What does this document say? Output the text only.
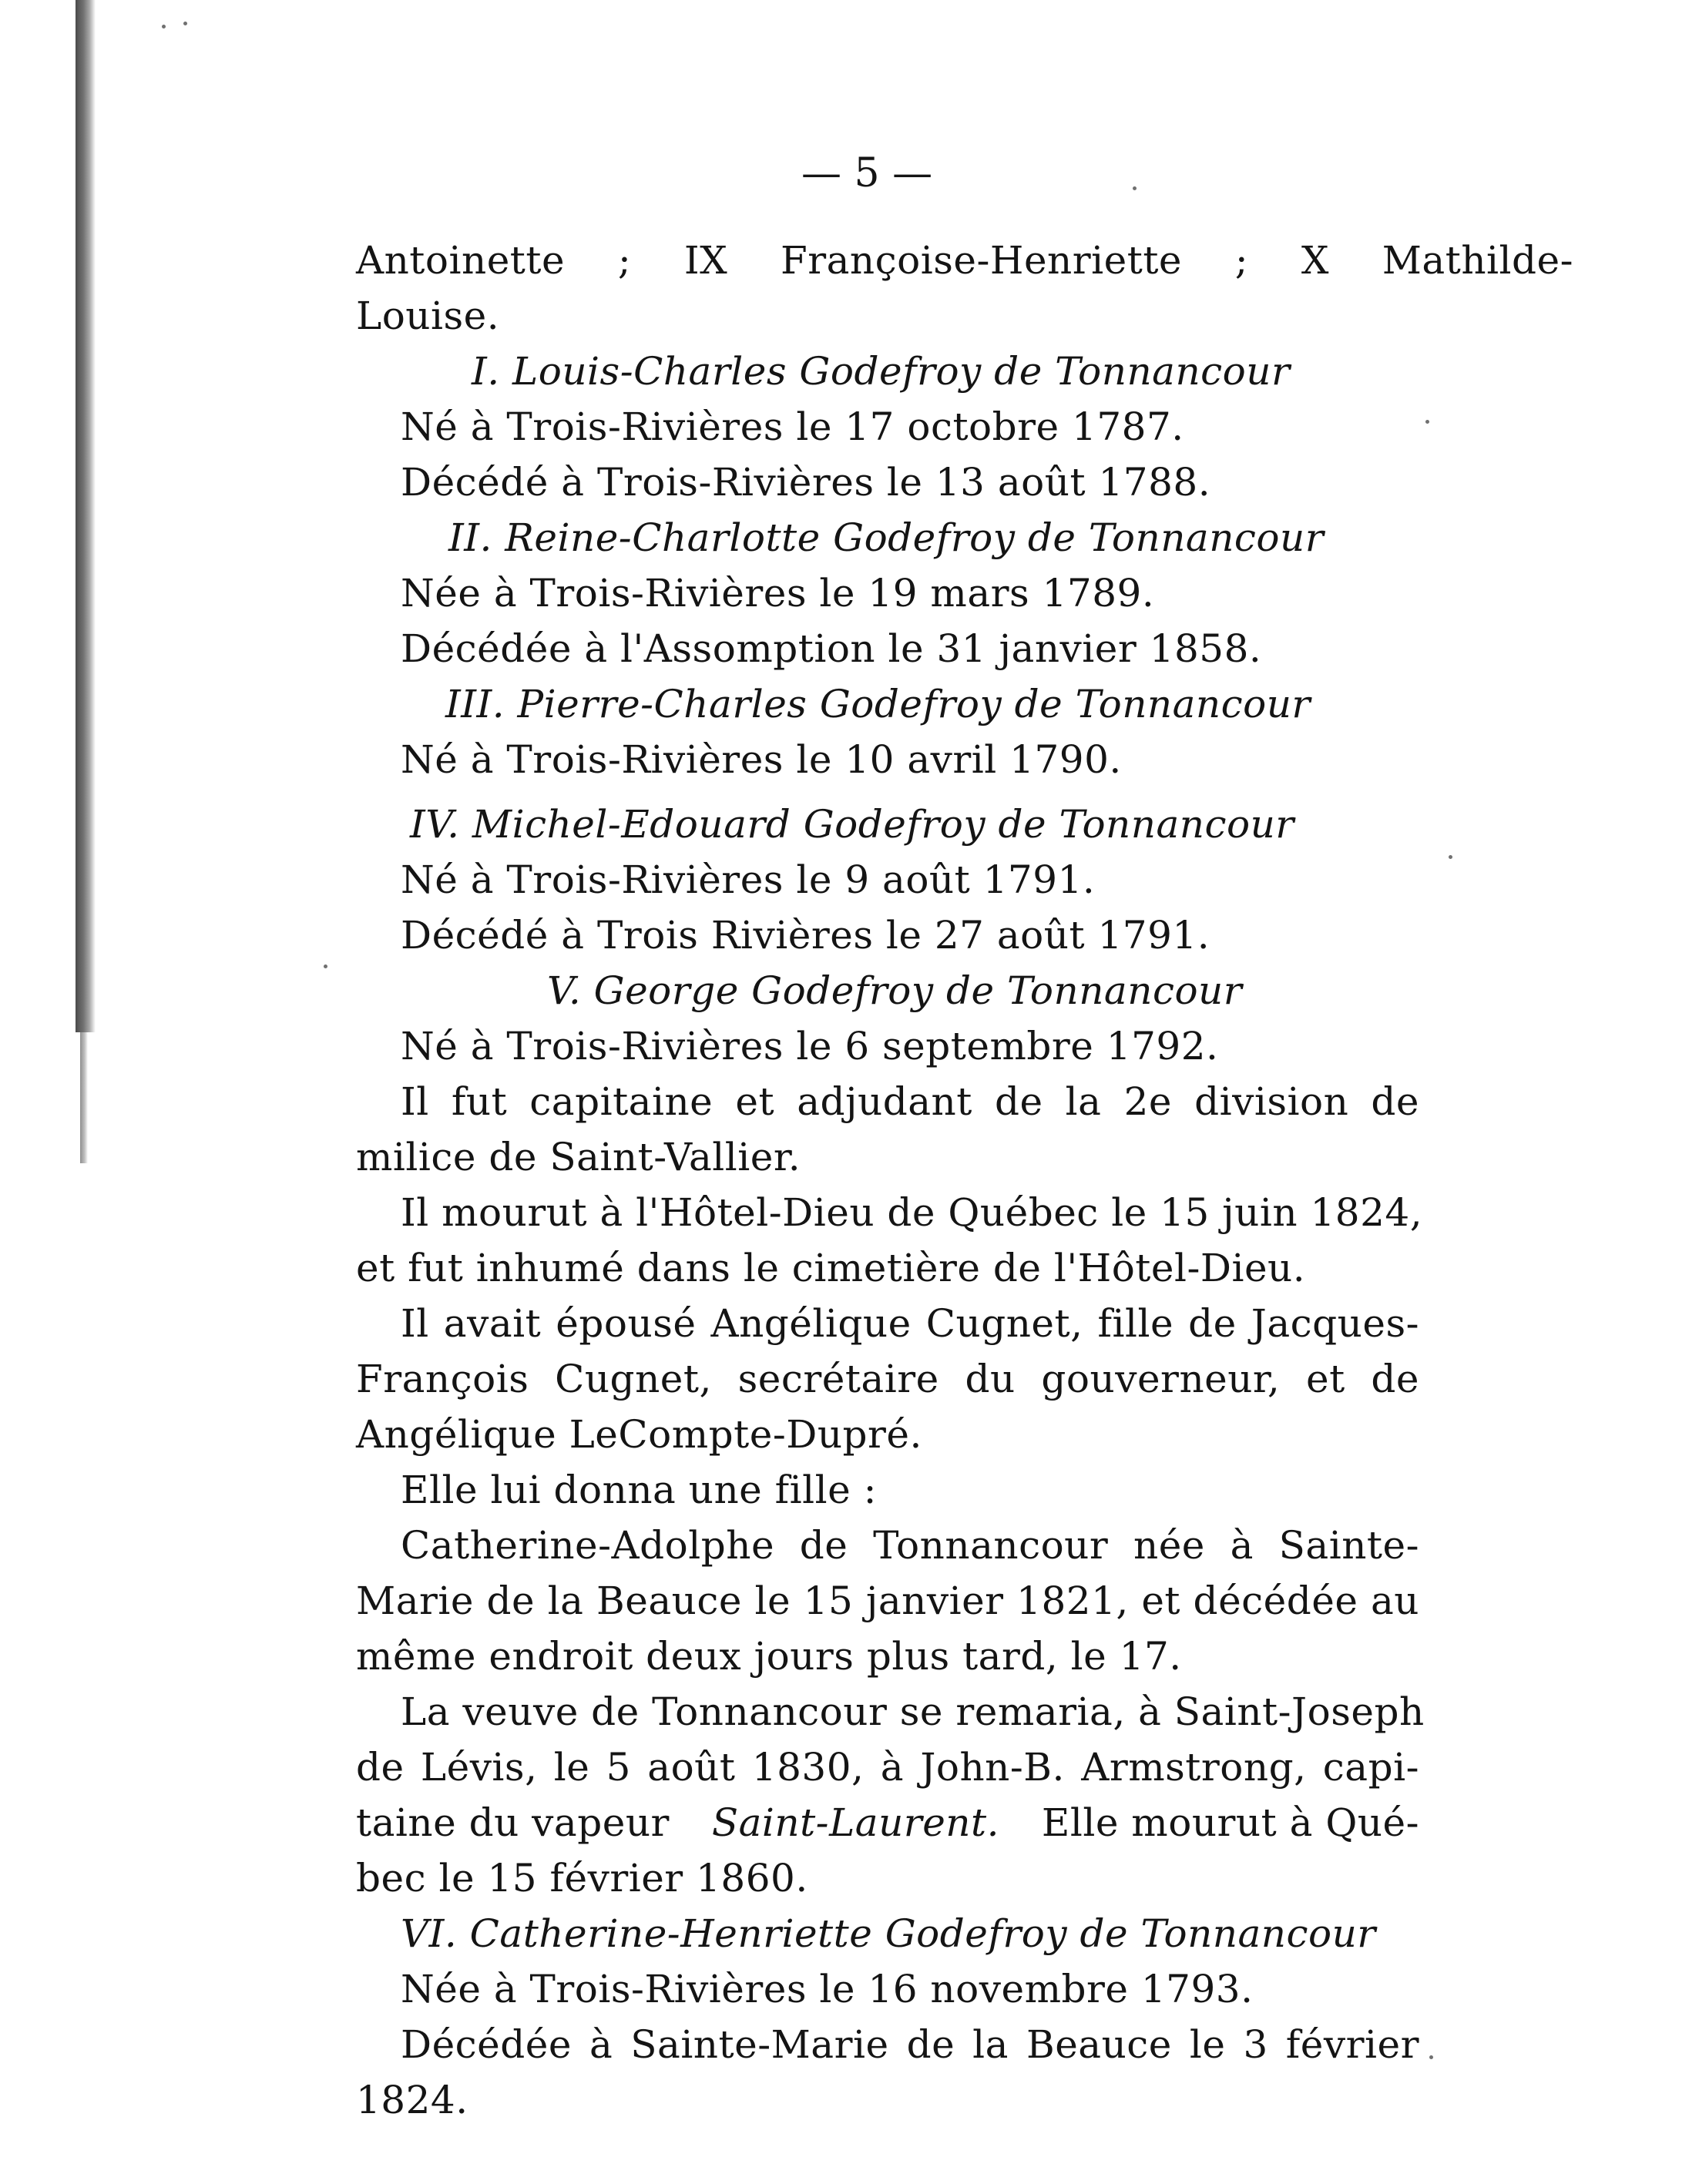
— 5 —
Antoinette ; IX Françoise-Henriette ; X Mathilde-
Louise.
I. Louis-Charles Godefroy de Tonnancour
Né à Trois-Rivières le 17 octobre 1787.
Décédé à Trois-Rivières le 13 août 1788.
II. Reine-Charlotte Godefroy de Tonnancour
Née à Trois-Rivières le 19 mars 1789.
Décédée à l'Assomption le 31 janvier 1858.
III. Pierre-Charles Godefroy de Tonnancour
Né à Trois-Rivières le 10 avril 1790.
IV. Michel-Edouard Godefroy de Tonnancour
Né à Trois-Rivières le 9 août 1791.
Décédé à Trois Rivières le 27 août 1791.
V. George Godefroy de Tonnancour
Né à Trois-Rivières le 6 septembre 1792.
Il fut capitaine et adjudant de la 2e division de
milice de Saint-Vallier.
Il mourut à l'Hôtel-Dieu de Québec le 15 juin 1824,
et fut inhumé dans le cimetière de l'Hôtel-Dieu.
Il avait épousé Angélique Cugnet, fille de Jacques-
François Cugnet, secrétaire du gouverneur, et de
Angélique LeCompte-Dupré.
Elle lui donna une fille :
Catherine-Adolphe de Tonnancour née à Sainte-
Marie de la Beauce le 15 janvier 1821, et décédée au
même endroit deux jours plus tard, le 17.
La veuve de Tonnancour se remaria, à Saint-Joseph
de Lévis, le 5 août 1830, à John-B. Armstrong, capi-
taine du vapeur Saint-Laurent. Elle mourut à Qué-
bec le 15 février 1860.
VI. Catherine-Henriette Godefroy de Tonnancour
Née à Trois-Rivières le 16 novembre 1793.
Décédée à Sainte-Marie de la Beauce le 3 février
1824.
